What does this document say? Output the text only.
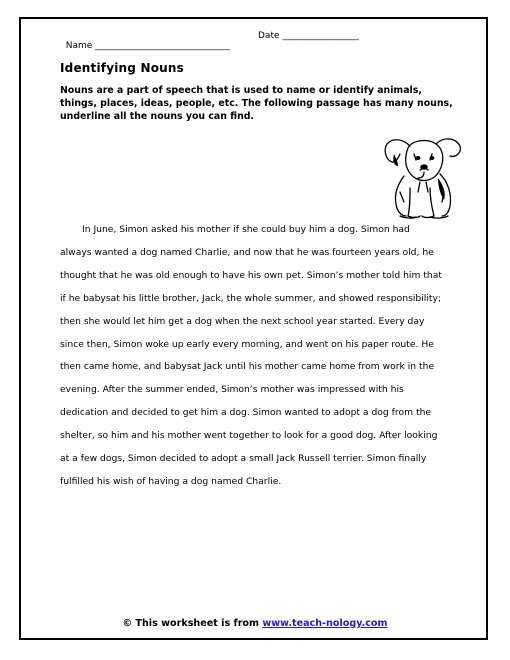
Name ______________________________

Date _________________

Identifying Nouns
Nouns are a part of speech that is used to name or identify animals, things, places, ideas, people, etc. The following passage has many nouns, underline all the nouns you can find.
In June, Simon asked his mother if she could buy him a dog. Simon had
always wanted a dog named Charlie, and now that he was fourteen years old, he
thought that he was old enough to have his own pet. Simon’s mother told him that
if he babysat his little brother, Jack, the whole summer, and showed responsibility;
then she would let him get a dog when the next school year started. Every day
since then, Simon woke up early every morning, and went on his paper route. He
then came home, and babysat Jack until his mother came home from work in the
evening. After the summer ended, Simon’s mother was impressed with his
dedication and decided to get him a dog. Simon wanted to adopt a dog from the
shelter, so him and his mother went together to look for a good dog. After looking
at a few dogs, Simon decided to adopt a small Jack Russell terrier. Simon finally
fulfilled his wish of having a dog named Charlie.
© This worksheet is from www.teach-nology.com
